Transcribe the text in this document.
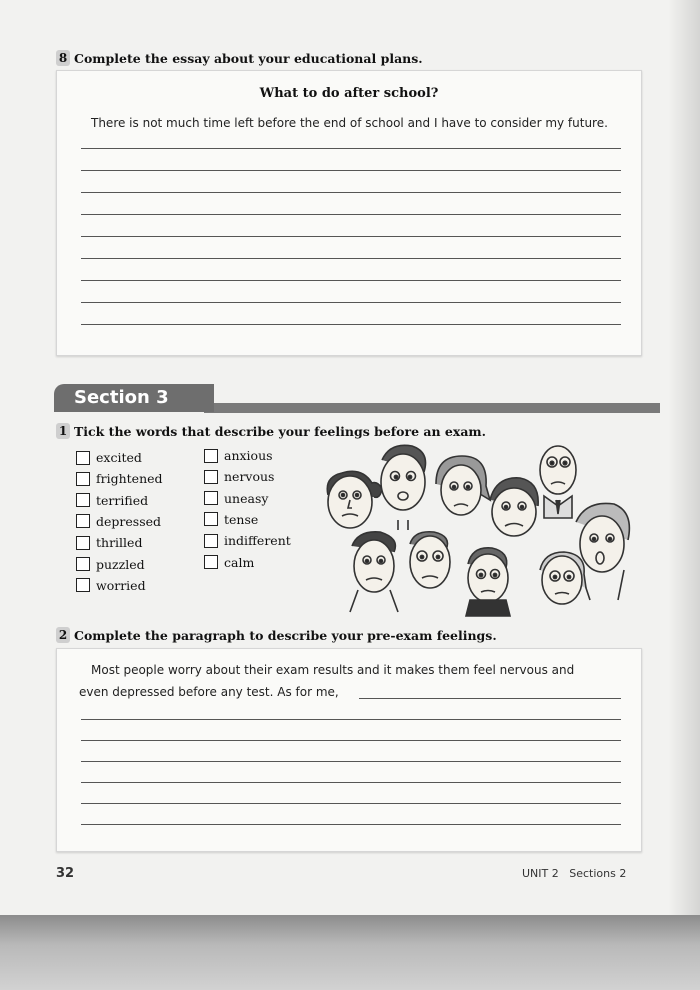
8 Complete the essay about your educational plans.
What to do after school?
There is not much time left before the end of school and I have to consider my future.
Section 3
1 Tick the words that describe your feelings before an exam.
excited
frightened
terrified
depressed
thrilled
puzzled
worried
anxious
nervous
uneasy
tense
indifferent
calm
2 Complete the paragraph to describe your pre-exam feelings.
Most people worry about their exam results and it makes them feel nervous and
even depressed before any test. As for me,
32	UNIT 2 Sections 2
